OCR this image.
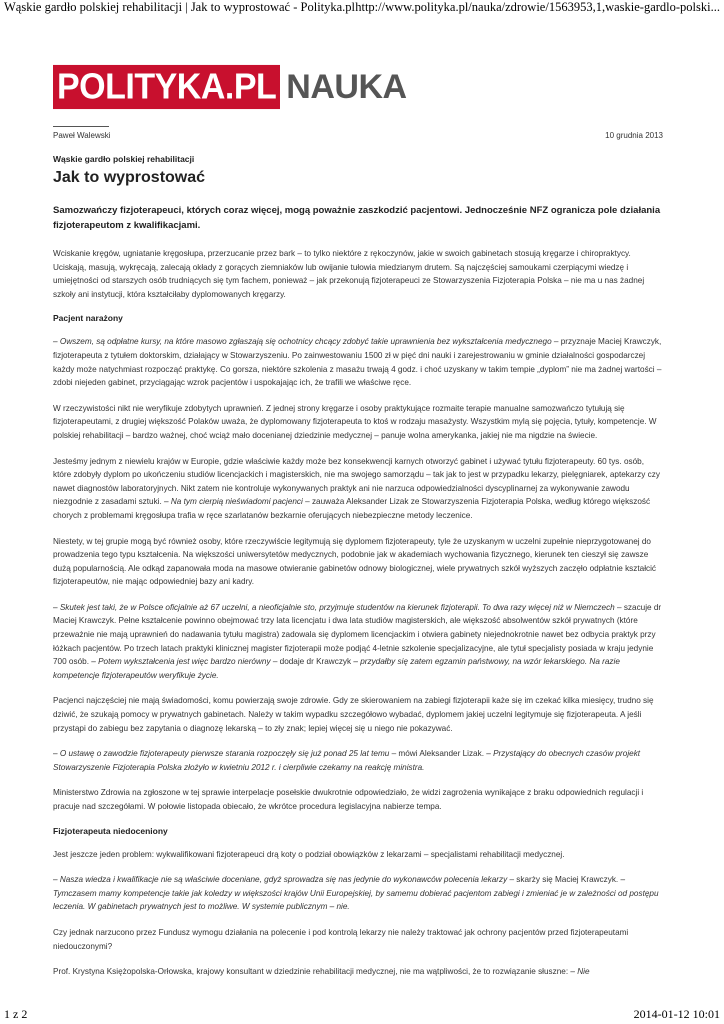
Wąskie gardło polskiej rehabilitacji | Jak to wyprostować - Polityka.pl http://www.polityka.pl/nauka/zdrowie/1563953,1,waskie-gardlo-polski...
POLITYKA.PL NAUKA
Paweł Walewski	10 grudnia 2013
Wąskie gardło polskiej rehabilitacji
Jak to wyprostować
Samozwańczy fizjoterapeuci, których coraz więcej, mogą poważnie zaszkodzić pacjentowi. Jednocześnie NFZ ogranicza pole działania fizjoterapeutom z kwalifikacjami.

Wciskanie kręgów, ugniatanie kręgosłupa, przerzucanie przez bark – to tylko niektóre z rękoczynów, jakie w swoich gabinetach stosują kręgarze i chiropraktycy. Uciskają, masują, wykręcają, zalecają okłady z gorących ziemniaków lub owijanie tułowia miedzianym drutem. Są najczęściej samoukami czerpiącymi wiedzę i umiejętności od starszych osób trudniących się tym fachem, ponieważ – jak przekonują fizjoterapeuci ze Stowarzyszenia Fizjoterapia Polska – nie ma u nas żadnej szkoły ani instytucji, która kształciłaby dyplomowanych kręgarzy.

Pacjent narażony

– Owszem, są odpłatne kursy, na które masowo zgłaszają się ochotnicy chcący zdobyć takie uprawnienia bez wykształcenia medycznego – przyznaje Maciej Krawczyk, fizjoterapeuta z tytułem doktorskim, działający w Stowarzyszeniu. Po zainwestowaniu 1500 zł w pięć dni nauki i zarejestrowaniu w gminie działalności gospodarczej każdy może natychmiast rozpocząć praktykę. Co gorsza, niektóre szkolenia z masażu trwają 4 godz. i choć uzyskany w takim tempie „dyplom” nie ma żadnej wartości – zdobi niejeden gabinet, przyciągając wzrok pacjentów i uspokajając ich, że trafili we właściwe ręce.

W rzeczywistości nikt nie weryfikuje zdobytych uprawnień. Z jednej strony kręgarze i osoby praktykujące rozmaite terapie manualne samozwańczo tytułują się fizjoterapeutami, z drugiej większość Polaków uważa, że dyplomowany fizjoterapeuta to ktoś w rodzaju masażysty. Wszystkim mylą się pojęcia, tytuły, kompetencje. W polskiej rehabilitacji – bardzo ważnej, choć wciąż mało docenianej dziedzinie medycznej – panuje wolna amerykanka, jakiej nie ma nigdzie na świecie.

Jesteśmy jednym z niewielu krajów w Europie, gdzie właściwie każdy może bez konsekwencji karnych otworzyć gabinet i używać tytułu fizjoterapeuty. 60 tys. osób, które zdobyły dyplom po ukończeniu studiów licencjackich i magisterskich, nie ma swojego samorządu – tak jak to jest w przypadku lekarzy, pielęgniarek, aptekarzy czy nawet diagnostów laboratoryjnych. Nikt zatem nie kontroluje wykonywanych praktyk ani nie narzuca odpowiedzialności dyscyplinarnej za wykonywanie zawodu niezgodnie z zasadami sztuki. – Na tym cierpią nieświadomi pacjenci – zauważa Aleksander Lizak ze Stowarzyszenia Fizjoterapia Polska, według którego większość chorych z problemami kręgosłupa trafia w ręce szarlatanów bezkarnie oferujących niebezpieczne metody leczenice.

Niestety, w tej grupie mogą być również osoby, które rzeczywiście legitymują się dyplomem fizjoterapeuty, tyle że uzyskanym w uczelni zupełnie nieprzygotowanej do prowadzenia tego typu kształcenia. Na większości uniwersytetów medycznych, podobnie jak w akademiach wychowania fizycznego, kierunek ten cieszył się zawsze dużą popularnością. Ale odkąd zapanowała moda na masowe otwieranie gabinetów odnowy biologicznej, wiele prywatnych szkół wyższych zaczęło odpłatnie kształcić fizjoterapeutów, nie mając odpowiedniej bazy ani kadry.

– Skutek jest taki, że w Polsce oficjalnie aż 67 uczelni, a nieoficjalnie sto, przyjmuje studentów na kierunek fizjoterapii. To dwa razy więcej niż w Niemczech – szacuje dr Maciej Krawczyk. Pełne kształcenie powinno obejmować trzy lata licencjatu i dwa lata studiów magisterskich, ale większość absolwentów szkół prywatnych (które przeważnie nie mają uprawnień do nadawania tytułu magistra) zadowala się dyplomem licencjackim i otwiera gabinety niejednokrotnie nawet bez odbycia praktyk przy łóżkach pacjentów. Po trzech latach praktyki klinicznej magister fizjoterapii może podjąć 4-letnie szkolenie specjalizacyjne, ale tytuł specjalisty posiada w kraju jedynie 700 osób. – Potem wykształcenia jest więc bardzo nierówny – dodaje dr Krawczyk – przydałby się zatem egzamin państwowy, na wzór lekarskiego. Na razie kompetencje fizjoterapeutów weryfikuje życie.

Pacjenci najczęściej nie mają świadomości, komu powierzają swoje zdrowie. Gdy ze skierowaniem na zabiegi fizjoterapii każe się im czekać kilka miesięcy, trudno się dziwić, że szukają pomocy w prywatnych gabinetach. Należy w takim wypadku szczegółowo wybadać, dyplomem jakiej uczelni legitymuje się fizjoterapeuta. A jeśli przystąpi do zabiegu bez zapytania o diagnozę lekarską – to zły znak; lepiej więcej się u niego nie pokazywać.

– O ustawę o zawodzie fizjoterapeuty pierwsze starania rozpoczęły się już ponad 25 lat temu – mówi Aleksander Lizak. – Przystający do obecnych czasów projekt Stowarzyszenie Fizjoterapia Polska złożyło w kwietniu 2012 r. i cierpliwie czekamy na reakcję ministra.

Ministerstwo Zdrowia na zgłoszone w tej sprawie interpelacje posełskie dwukrotnie odpowiedziało, że widzi zagrożenia wynikające z braku odpowiednich regulacji i pracuje nad szczegółami. W połowie listopada obiecało, że wkrótce procedura legislacyjna nabierze tempa.

Fizjoterapeuta niedoceniony

Jest jeszcze jeden problem: wykwalifikowani fizjoterapeuci drą koty o podział obowiązków z lekarzami – specjalistami rehabilitacji medycznej.

– Nasza wiedza i kwalifikacje nie są właściwie doceniane, gdyż sprowadza się nas jedynie do wykonawców polecenia lekarzy – skarży się Maciej Krawczyk. – Tymczasem mamy kompetencje takie jak koledzy w większości krajów Unii Europejskiej, by samemu dobierać pacjentom zabiegi i zmieniać je w zależności od postępu leczenia. W gabinetach prywatnych jest to możliwe. W systemie publicznym – nie.

Czy jednak narzucono przez Fundusz wymogu działania na polecenie i pod kontrolą lekarzy nie należy traktować jak ochrony pacjentów przed fizjoterapeutami niedouczonymi?

Prof. Krystyna Księżopolska-Orłowska, krajowy konsultant w dziedzinie rehabilitacji medycznej, nie ma wątpliwości, że to rozwiązanie słuszne: – Nie

1 z 2	2014-01-12 10:01
